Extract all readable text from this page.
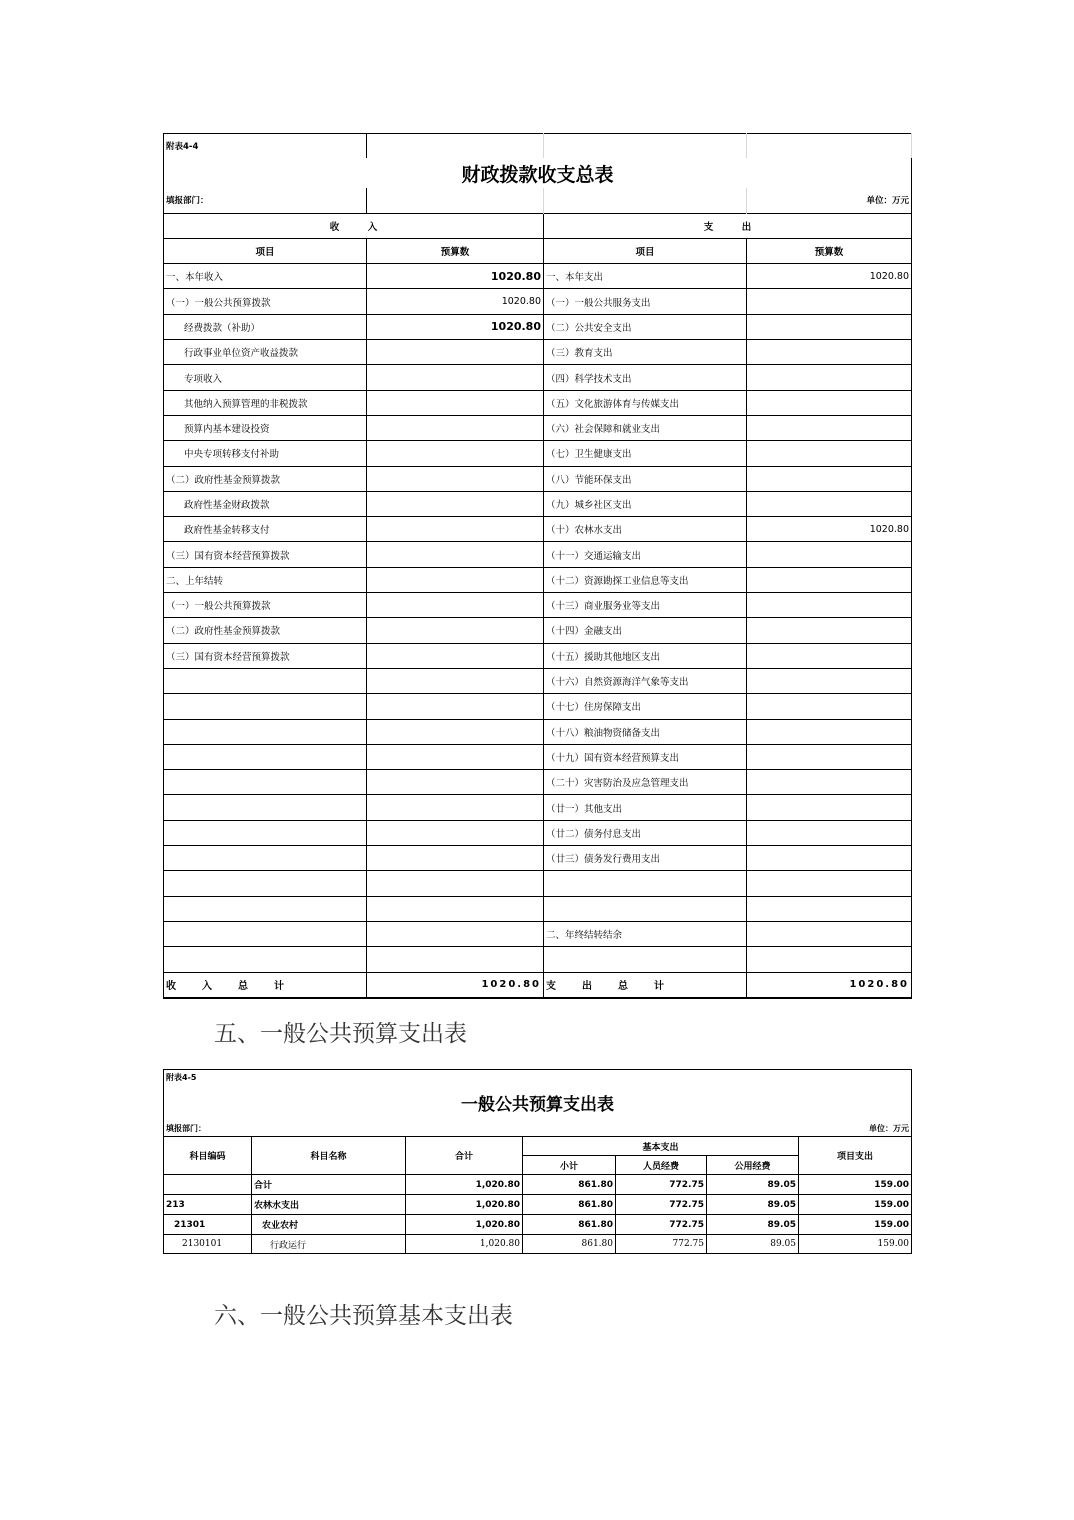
附表4-4			
财政拨款收支总表			
填报部门：			单位：万元
收　　　入		支　　　出	
项目	预算数	项目	预算数
一、本年收入	1020.80	一、本年支出	1020.80
（一）一般公共预算拨款	1020.80	（一）一般公共服务支出	
经费拨款（补助）	1020.80	（二）公共安全支出	
行政事业单位资产收益拨款		（三）教育支出	
专项收入		（四）科学技术支出	
其他纳入预算管理的非税拨款		（五）文化旅游体育与传媒支出	
预算内基本建设投资		（六）社会保障和就业支出	
中央专项转移支付补助		（七）卫生健康支出	
（二）政府性基金预算拨款		（八）节能环保支出	
政府性基金财政拨款		（九）城乡社区支出	
政府性基金转移支付		（十）农林水支出	1020.80
（三）国有资本经营预算拨款		（十一）交通运输支出	
二、上年结转		（十二）资源勘探工业信息等支出	
（一）一般公共预算拨款		（十三）商业服务业等支出	
（二）政府性基金预算拨款		（十四）金融支出	
（三）国有资本经营预算拨款		（十五）援助其他地区支出	
		（十六）自然资源海洋气象等支出	
		（十七）住房保障支出	
		（十八）粮油物资储备支出	
		（十九）国有资本经营预算支出	
		（二十）灾害防治及应急管理支出	
		（廿一）其他支出	
		（廿二）债务付息支出	
		（廿三）债务发行费用支出	

		二、年终结转结余	

收　　入　　总　　计	1020.80	支　　出　　总　　计	1020.80
五、一般公共预算支出表
附表4-5						
一般公共预算支出表						
填报部门：						单位：万元
科目编码	科目名称	合计	基本支出			项目支出
			小计	人员经费	公用经费	
	合计	1,020.80	861.80	772.75	89.05	159.00
213	农林水支出	1,020.80	861.80	772.75	89.05	159.00
21301	农业农村	1,020.80	861.80	772.75	89.05	159.00
2130101	行政运行	1,020.80	861.80	772.75	89.05	159.00
六、一般公共预算基本支出表
